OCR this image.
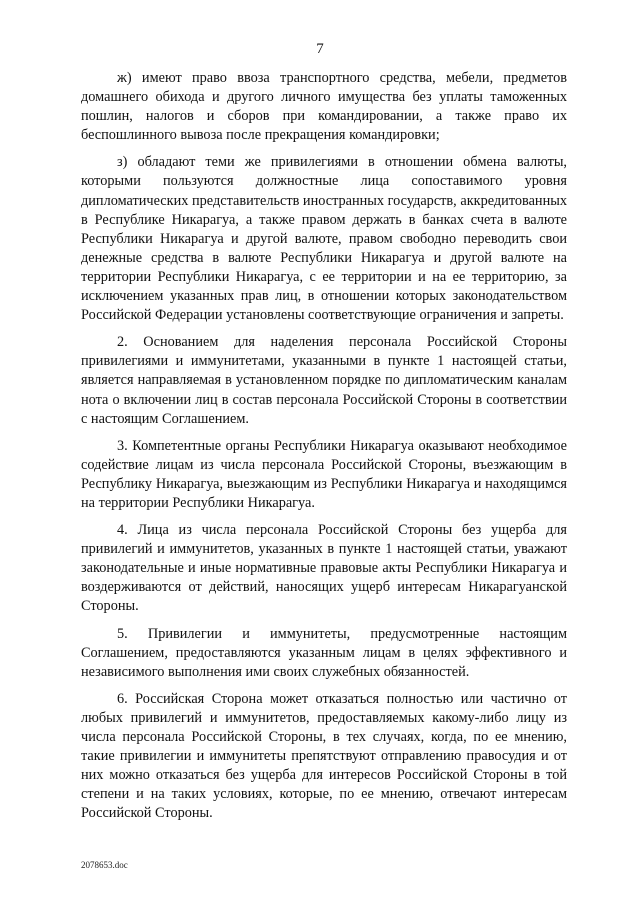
7

ж) имеют право ввоза транспортного средства, мебели, предметов домашнего обихода и другого личного имущества без уплаты таможенных пошлин, налогов и сборов при командировании, а также право их беспошлинного вывоза после прекращения командировки;

з) обладают теми же привилегиями в отношении обмена валюты, которыми пользуются должностные лица сопоставимого уровня дипломатических представительств иностранных государств, аккредитованных в Республике Никарагуа, а также правом держать в банках счета в валюте Республики Никарагуа и другой валюте, правом свободно переводить свои денежные средства в валюте Республики Никарагуа и другой валюте на территории Республики Никарагуа, с ее территории и на ее территорию, за исключением указанных прав лиц, в отношении которых законодательством Российской Федерации установлены соответствующие ограничения и запреты.

2. Основанием для наделения персонала Российской Стороны привилегиями и иммунитетами, указанными в пункте 1 настоящей статьи, является направляемая в установленном порядке по дипломатическим каналам нота о включении лиц в состав персонала Российской Стороны в соответствии с настоящим Соглашением.

3. Компетентные органы Республики Никарагуа оказывают необходимое содействие лицам из числа персонала Российской Стороны, въезжающим в Республику Никарагуа, выезжающим из Республики Никарагуа и находящимся на территории Республики Никарагуа.

4. Лица из числа персонала Российской Стороны без ущерба для привилегий и иммунитетов, указанных в пункте 1 настоящей статьи, уважают законодательные и иные нормативные правовые акты Республики Никарагуа и воздерживаются от действий, наносящих ущерб интересам Никарагуанской Стороны.

5. Привилегии и иммунитеты, предусмотренные настоящим Соглашением, предоставляются указанным лицам в целях эффективного и независимого выполнения ими своих служебных обязанностей.

6. Российская Сторона может отказаться полностью или частично от любых привилегий и иммунитетов, предоставляемых какому-либо лицу из числа персонала Российской Стороны, в тех случаях, когда, по ее мнению, такие привилегии и иммунитеты препятствуют отправлению правосудия и от них можно отказаться без ущерба для интересов Российской Стороны в той степени и на таких условиях, которые, по ее мнению, отвечают интересам Российской Стороны.

2078653.doc
